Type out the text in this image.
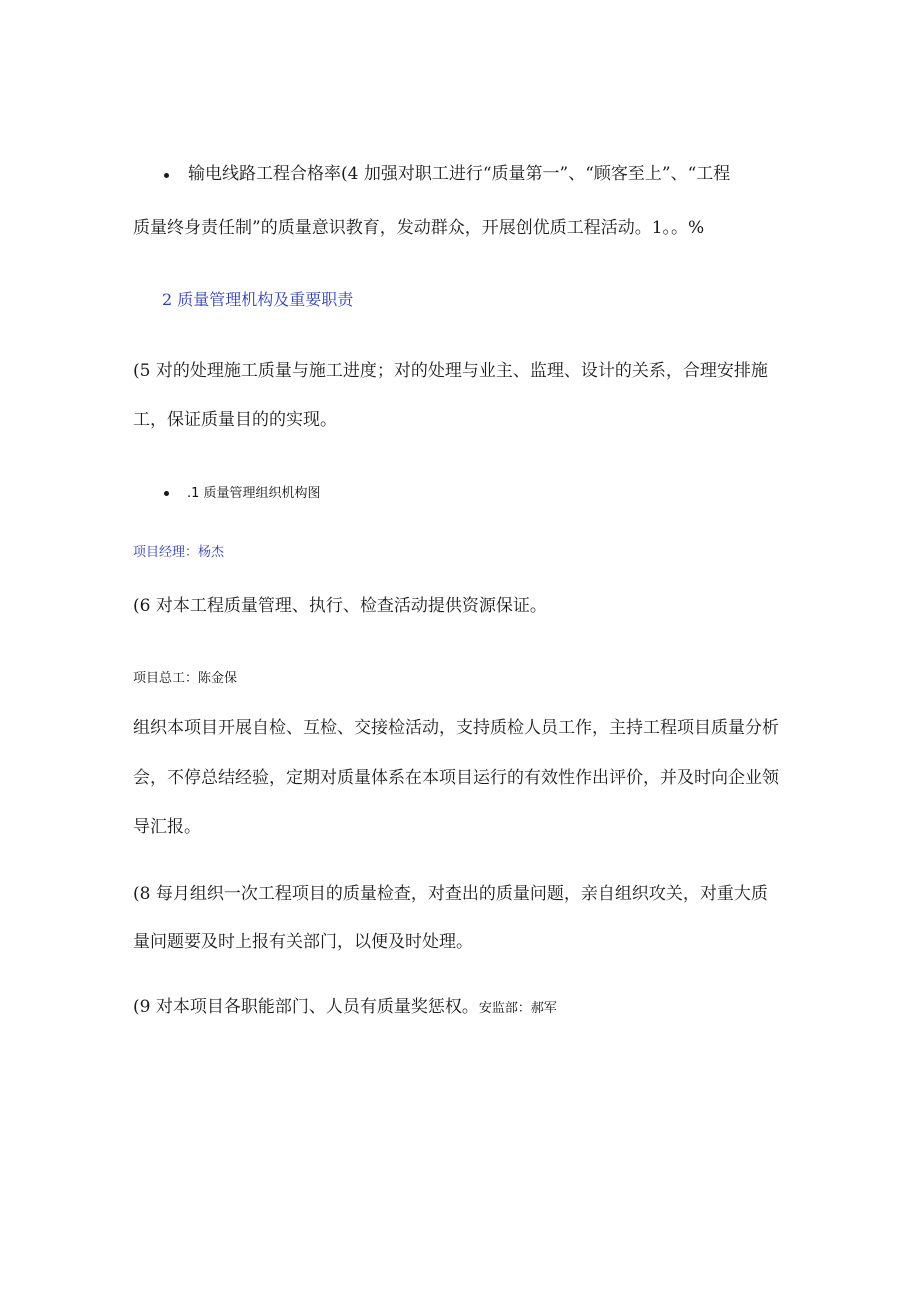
输电线路工程合格率(4 加强对职工进行“质量第一”、“顾客至上”、“工程
质量终身责任制”的质量意识教育，发动群众，开展创优质工程活动。1。。%
2 质量管理机构及重要职责
(5 对的处理施工质量与施工进度；对的处理与业主、监理、设计的关系，合理安排施
工，保证质量目的的实现。
.1 质量管理组织机构图
项目经理：杨杰
(6 对本工程质量管理、执行、检查活动提供资源保证。
项目总工：陈金保
组织本项目开展自检、互检、交接检活动，支持质检人员工作，主持工程项目质量分析
会，不停总结经验，定期对质量体系在本项目运行的有效性作出评价，并及时向企业领
导汇报。
(8 每月组织一次工程项目的质量检查，对查出的质量问题，亲自组织攻关，对重大质
量问题要及时上报有关部门，以便及时处理。
(9 对本项目各职能部门、人员有质量奖惩权。安监部：郝军
